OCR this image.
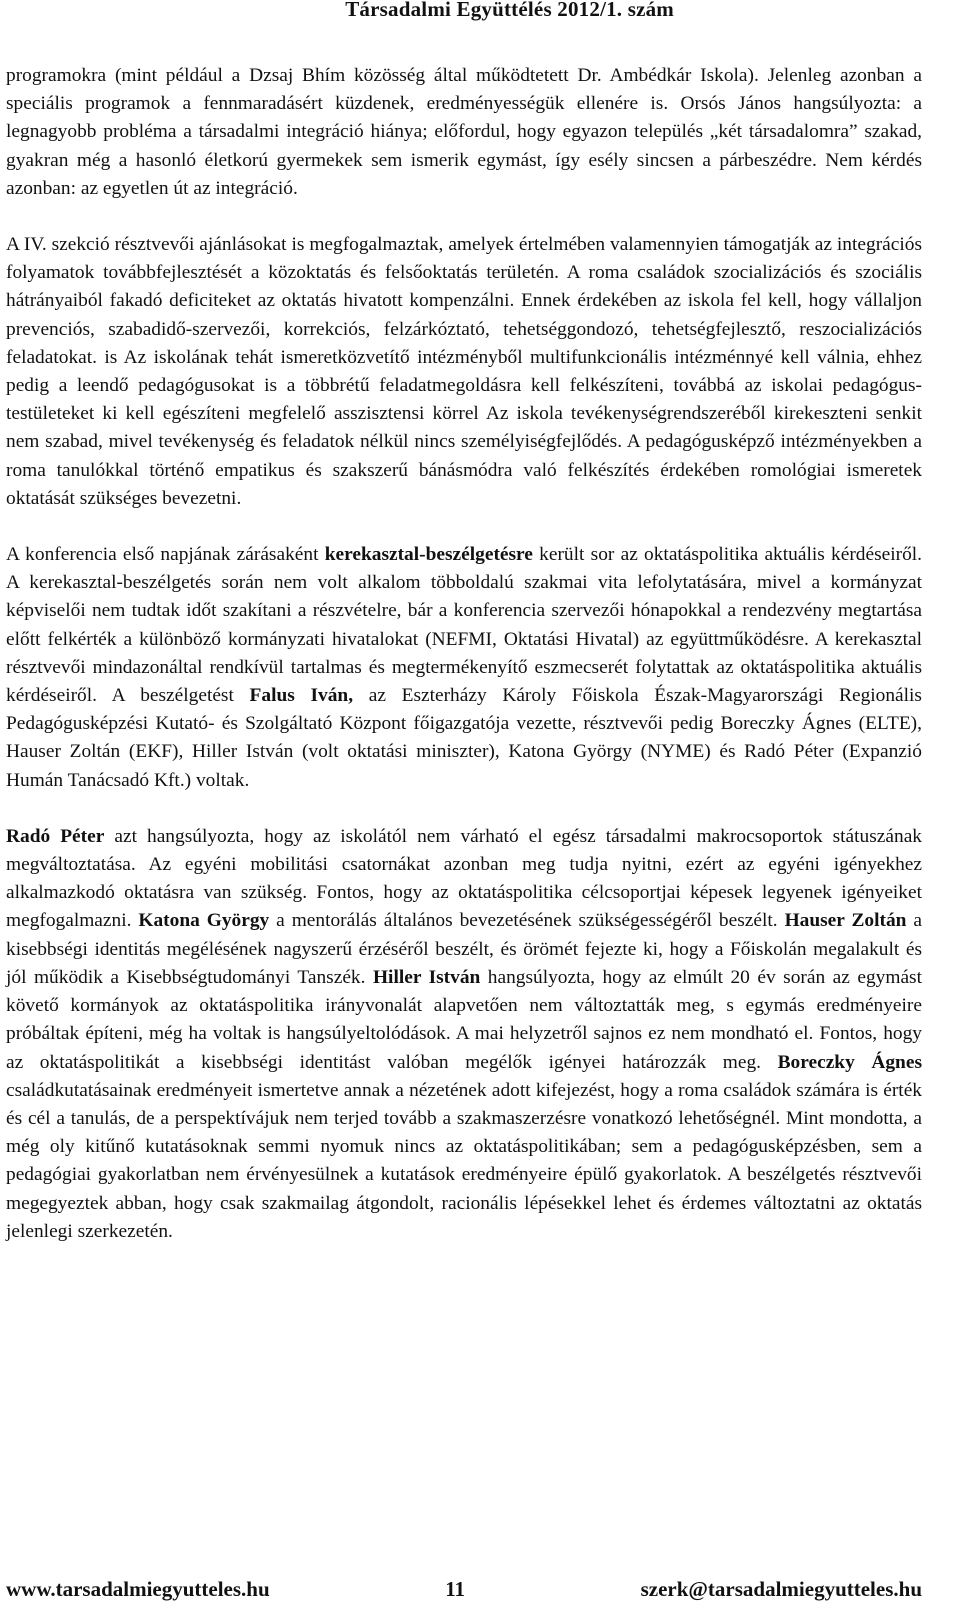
Társadalmi Együttélés 2012/1. szám

programokra (mint például a Dzsaj Bhím közösség által működtetett Dr. Ambédkár Iskola). Jelenleg azonban a speciális programok a fennmaradásért küzdenek, eredményességük ellenére is. Orsós János hangsúlyozta: a legnagyobb probléma a társadalmi integráció hiánya; előfordul, hogy egyazon település „két társadalomra” szakad, gyakran még a hasonló életkorú gyermekek sem ismerik egymást, így esély sincsen a párbeszédre. Nem kérdés azonban: az egyetlen út az integráció.

A IV. szekció résztvevői ajánlásokat is megfogalmaztak, amelyek értelmében valamennyien támogatják az integrációs folyamatok továbbfejlesztését a közoktatás és felsőoktatás területén. A roma családok szocializációs és szociális hátrányaiból fakadó deficiteket az oktatás hivatott kompenzálni. Ennek érdekében az iskola fel kell, hogy vállaljon prevenciós, szabadidő-szervezői, korrekciós, felzárkóztató, tehetséggondozó, tehetségfejlesztő, reszocializációs feladatokat. is Az iskolának tehát ismeretközvetítő intézményből multifunkcionális intézménnyé kell válnia, ehhez pedig a leendő pedagógusokat is a többrétű feladatmegoldásra kell felkészíteni, továbbá az iskolai pedagógus-testületeket ki kell egészíteni megfelelő asszisztensi körrel Az iskola tevékenységrendszeréből kirekeszteni senkit nem szabad, mivel tevékenység és feladatok nélkül nincs személyiségfejlődés. A pedagógusképző intézményekben a roma tanulókkal történő empatikus és szakszerű bánásmódra való felkészítés érdekében romológiai ismeretek oktatását szükséges bevezetni.

A konferencia első napjának zárásaként kerekasztal-beszélgetésre került sor az oktatáspolitika aktuális kérdéseiről. A kerekasztal-beszélgetés során nem volt alkalom többoldalú szakmai vita lefolytatására, mivel a kormányzat képviselői nem tudtak időt szakítani a részvételre, bár a konferencia szervezői hónapokkal a rendezvény megtartása előtt felkérték a különböző kormányzati hivatalokat (NEFMI, Oktatási Hivatal) az együttműködésre. A kerekasztal résztvevői mindazonáltal rendkívül tartalmas és megtermékenyítő eszmecserét folytattak az oktatáspolitika aktuális kérdéseiről. A beszélgetést Falus Iván, az Eszterházy Károly Főiskola Észak-Magyarországi Regionális Pedagógusképzési Kutató- és Szolgáltató Központ főigazgatója vezette, résztvevői pedig Boreczky Ágnes (ELTE), Hauser Zoltán (EKF), Hiller István (volt oktatási miniszter), Katona György (NYME) és Radó Péter (Expanzió Humán Tanácsadó Kft.) voltak.

Radó Péter azt hangsúlyozta, hogy az iskolától nem várható el egész társadalmi makrocsoportok státuszának megváltoztatása. Az egyéni mobilitási csatornákat azonban meg tudja nyitni, ezért az egyéni igényekhez alkalmazkodó oktatásra van szükség. Fontos, hogy az oktatáspolitika célcsoportjai képesek legyenek igényeiket megfogalmazni. Katona György a mentorálás általános bevezetésének szükségességéről beszélt. Hauser Zoltán a kisebbségi identitás megélésének nagyszerű érzéséről beszélt, és örömét fejezte ki, hogy a Főiskolán megalakult és jól működik a Kisebbségtudományi Tanszék. Hiller István hangsúlyozta, hogy az elmúlt 20 év során az egymást követő kormányok az oktatáspolitika irányvonalát alapvetően nem változtatták meg, s egymás eredményeire próbáltak építeni, még ha voltak is hangsúlyeltolódások. A mai helyzetről sajnos ez nem mondható el. Fontos, hogy az oktatáspolitikát a kisebbségi identitást valóban megélők igényei határozzák meg. Boreczky Ágnes családkutatásainak eredményeit ismertetve annak a nézetének adott kifejezést, hogy a roma családok számára is érték és cél a tanulás, de a perspektívájuk nem terjed tovább a szakmaszerzésre vonatkozó lehetőségnél. Mint mondotta, a még oly kitűnő kutatásoknak semmi nyomuk nincs az oktatáspolitikában; sem a pedagógusképzésben, sem a pedagógiai gyakorlatban nem érvényesülnek a kutatások eredményeire épülő gyakorlatok. A beszélgetés résztvevői megegyeztek abban, hogy csak szakmailag átgondolt, racionális lépésekkel lehet és érdemes változtatni az oktatás jelenlegi szerkezetén.

www.tarsadalmiegyutteles.hu	11	szerk@tarsadalmiegyutteles.hu
